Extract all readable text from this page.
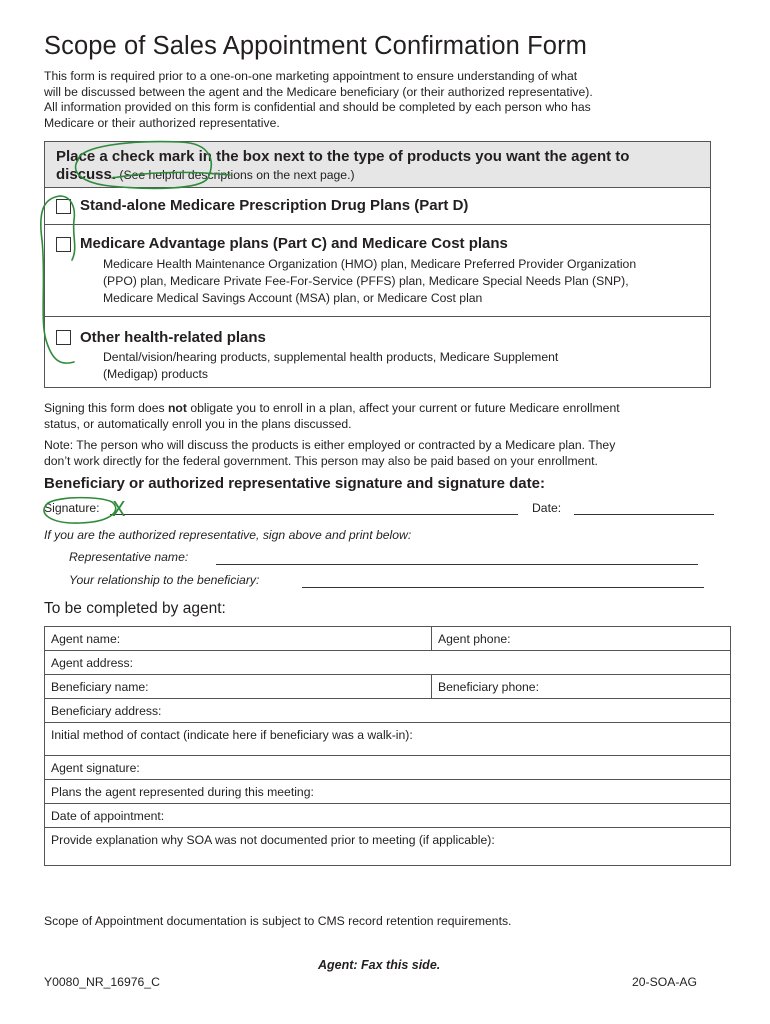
Scope of Sales Appointment Confirmation Form
This form is required prior to a one-on-one marketing appointment to ensure understanding of what
will be discussed between the agent and the Medicare beneficiary (or their authorized representative).
All information provided on this form is confidential and should be completed by each person who has
Medicare or their authorized representative.
Place a check mark in the box next to the type of products you want the agent to
discuss. (See helpful descriptions on the next page.)
Stand-alone Medicare Prescription Drug Plans (Part D)
Medicare Advantage plans (Part C) and Medicare Cost plans
Medicare Health Maintenance Organization (HMO) plan, Medicare Preferred Provider Organization
(PPO) plan, Medicare Private Fee-For-Service (PFFS) plan, Medicare Special Needs Plan (SNP),
Medicare Medical Savings Account (MSA) plan, or Medicare Cost plan
Other health-related plans
Dental/vision/hearing products, supplemental health products, Medicare Supplement
(Medigap) products
Signing this form does not obligate you to enroll in a plan, affect your current or future Medicare enrollment
status, or automatically enroll you in the plans discussed.
Note: The person who will discuss the products is either employed or contracted by a Medicare plan. They
don’t work directly for the federal government. This person may also be paid based on your enrollment.
Beneficiary or authorized representative signature and signature date:
Signature:	Date:
If you are the authorized representative, sign above and print below:
Representative name:
Your relationship to the beneficiary:
To be completed by agent:
Agent name:	Agent phone:
Agent address:	
Beneficiary name:	Beneficiary phone:
Beneficiary address:	
Initial method of contact (indicate here if beneficiary was a walk-in):	
Agent signature:	
Plans the agent represented during this meeting:	
Date of appointment:	
Provide explanation why SOA was not documented prior to meeting (if applicable):	
Scope of Appointment documentation is subject to CMS record retention requirements.
Agent: Fax this side.
Y0080_NR_16976_C	20-SOA-AG
X
